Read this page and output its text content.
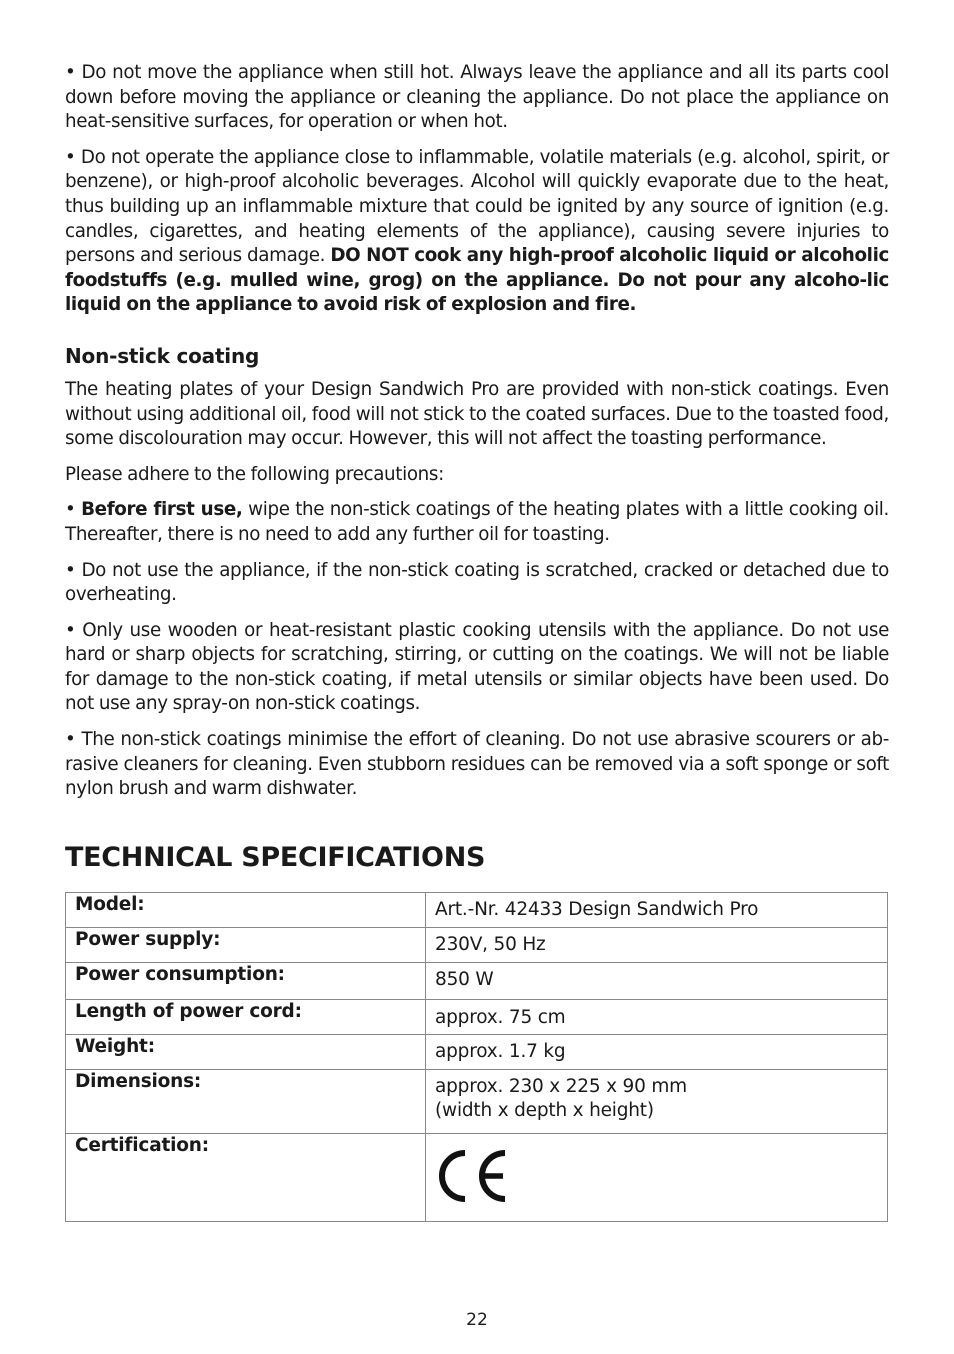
• Do not move the appliance when still hot. Always leave the appliance and all its parts cool down before moving the appliance or cleaning the appliance. Do not place the appliance on heat-sensitive surfaces, for operation or when hot.

• Do not operate the appliance close to inflammable, volatile materials (e.g. alcohol, spirit, or benzene), or high-proof alcoholic beverages. Alcohol will quickly evaporate due to the heat, thus building up an inflammable mixture that could be ignited by any source of ignition (e.g. candles, cigarettes, and heating elements of the appliance), causing severe injuries to persons and serious damage. DO NOT cook any high-proof alcoholic liquid or alcoholic foodstuffs (e.g. mulled wine, grog) on the appliance. Do not pour any alcoho-lic liquid on the appliance to avoid risk of explosion and fire.

Non-stick coating

The heating plates of your Design Sandwich Pro are provided with non-stick coatings. Even without using additional oil, food will not stick to the coated surfaces. Due to the toasted food, some discolouration may occur. However, this will not affect the toasting performance.

Please adhere to the following precautions:

• Before first use, wipe the non-stick coatings of the heating plates with a little cooking oil. Thereafter, there is no need to add any further oil for toasting.

• Do not use the appliance, if the non-stick coating is scratched, cracked or detached due to overheating.

• Only use wooden or heat-resistant plastic cooking utensils with the appliance. Do not use hard or sharp objects for scratching, stirring, or cutting on the coatings. We will not be liable for damage to the non-stick coating, if metal utensils or similar objects have been used. Do not use any spray-on non-stick coatings.

• The non-stick coatings minimise the effort of cleaning. Do not use abrasive scourers or ab-rasive cleaners for cleaning. Even stubborn residues can be removed via a soft sponge or soft nylon brush and warm dishwater.

TECHNICAL SPECIFICATIONS
Model:	Art.-Nr. 42433 Design Sandwich Pro

Power supply:	230V, 50 Hz

Power consumption:	850 W

Length of power cord:	approx. 75 cm

Weight:	approx. 1.7 kg

Dimensions:	approx. 230 x 225 x 90 mm
(width x depth x height)

Certification:	
22
